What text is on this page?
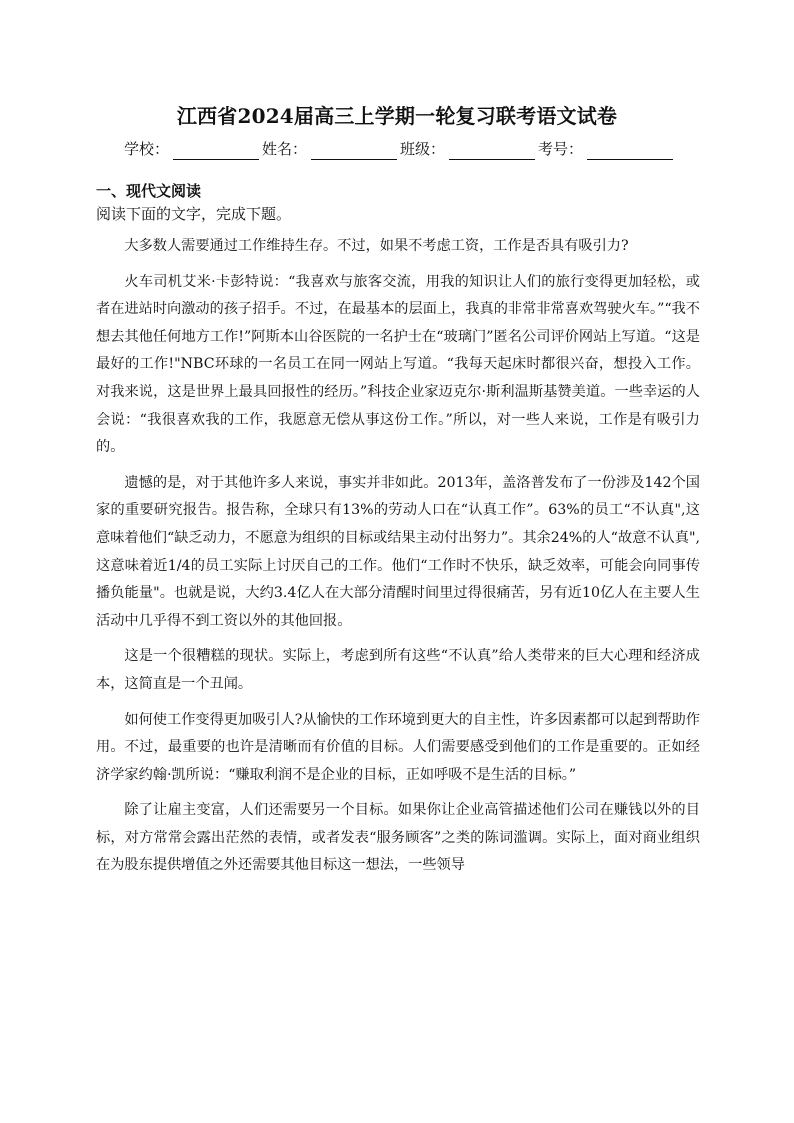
江西省2024届高三上学期一轮复习联考语文试卷
学校：	姓名：	班级：	考号：
一、现代文阅读
阅读下面的文字，完成下题。

大多数人需要通过工作维持生存。不过，如果不考虑工资，工作是否具有吸引力?

火车司机艾米·卡彭特说：“我喜欢与旅客交流，用我的知识让人们的旅行变得更加轻松，或者在进站时向激动的孩子招手。不过，在最基本的层面上，我真的非常非常喜欢驾驶火车。”“我不想去其他任何地方工作!”阿斯本山谷医院的一名护士在“玻璃门”匿名公司评价网站上写道。“这是最好的工作!"NBC环球的一名员工在同一网站上写道。“我每天起床时都很兴奋，想投入工作。对我来说，这是世界上最具回报性的经历。”科技企业家迈克尔·斯利温斯基赞美道。一些幸运的人会说：“我很喜欢我的工作，我愿意无偿从事这份工作。”所以，对一些人来说，工作是有吸引力的。

遗憾的是，对于其他许多人来说，事实并非如此。2013年，盖洛普发布了一份涉及142个国家的重要研究报告。报告称，全球只有13%的劳动人口在“认真工作”。63%的员工“不认真",这意味着他们“缺乏动力，不愿意为组织的目标或结果主动付出努力”。其余24%的人“故意不认真",这意味着近1/4的员工实际上讨厌自己的工作。他们“工作时不快乐，缺乏效率，可能会向同事传播负能量"。也就是说，大约3.4亿人在大部分清醒时间里过得很痛苦，另有近10亿人在主要人生活动中几乎得不到工资以外的其他回报。

这是一个很糟糕的现状。实际上，考虑到所有这些“不认真”给人类带来的巨大心理和经济成本，这简直是一个丑闻。

如何使工作变得更加吸引人?从愉快的工作环境到更大的自主性，许多因素都可以起到帮助作用。不过，最重要的也许是清晰而有价值的目标。人们需要感受到他们的工作是重要的。正如经济学家约翰·凯所说：“赚取利润不是企业的目标，正如呼吸不是生活的目标。”

除了让雇主变富，人们还需要另一个目标。如果你让企业高管描述他们公司在赚钱以外的目标，对方常常会露出茫然的表情，或者发表“服务顾客”之类的陈词滥调。实际上，面对商业组织在为股东提供增值之外还需要其他目标这一想法，一些领导
